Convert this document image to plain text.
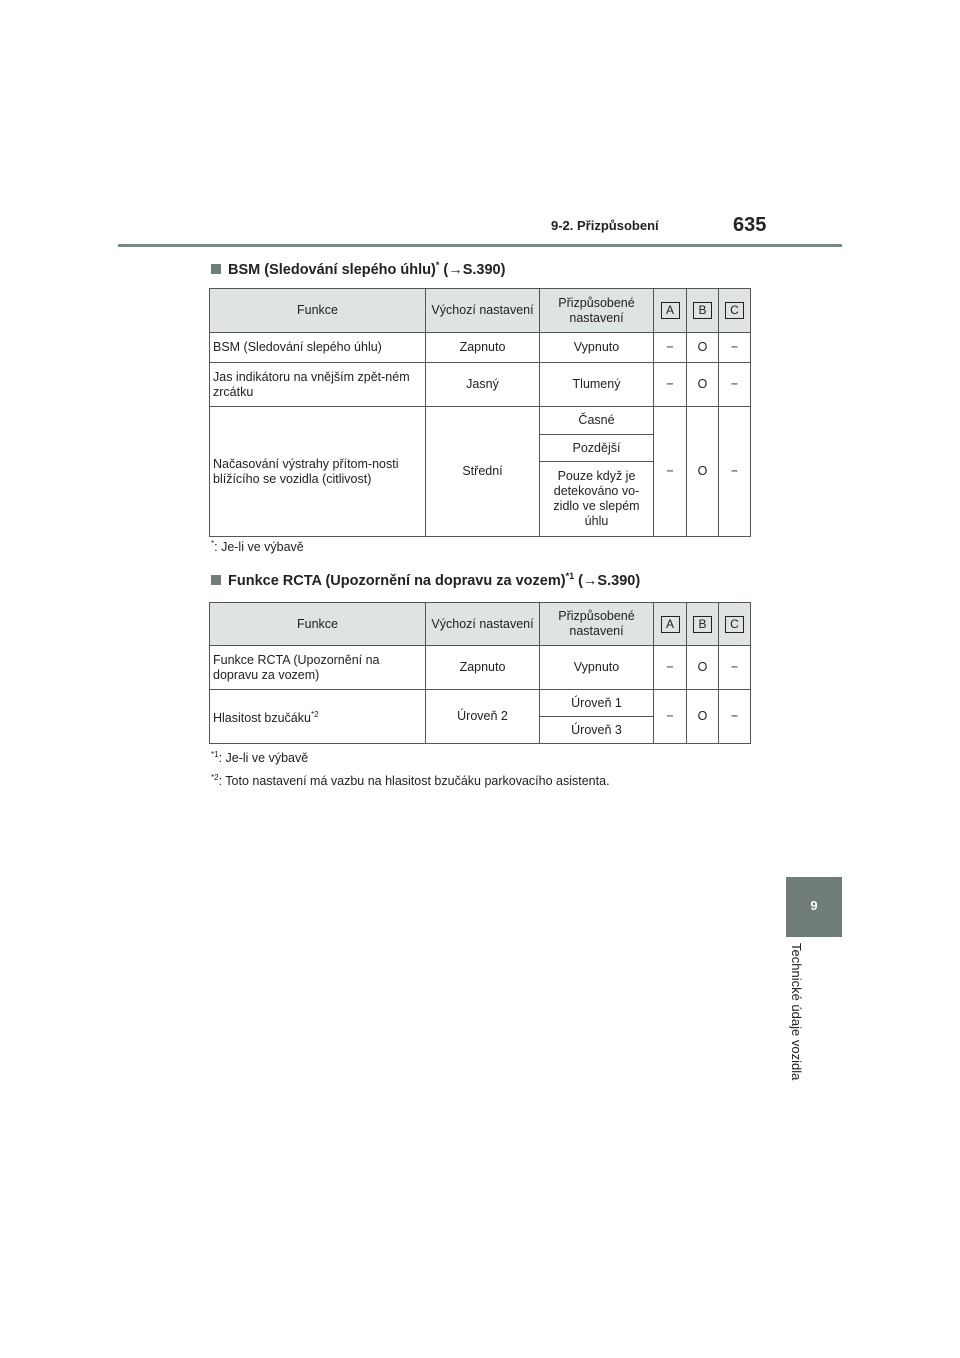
9-2. Přizpůsobení	635
9
Technické údaje vozidla
BSM (Sledování slepého úhlu)* (→S.390)
Funkce	Výchozí nastavení	Přizpůsobené nastavení	A	B	C
BSM (Sledování slepého úhlu)	Zapnuto	Vypnuto	−	O	−
Jas indikátoru na vnějším zpět-ném zrcátku	Jasný	Tlumený	−	O	−
Načasování výstrahy přítom-nosti blížícího se vozidla (citlivost)	Střední	Časné	−	O	−
		Pozdější			
		Pouze když je detekováno vo-zidlo ve slepém úhlu			
*: Je-li ve výbavě
Funkce RCTA (Upozornění na dopravu za vozem)$^{*1}$ (→S.390)
Funkce	Výchozí nastavení	Přizpůsobené nastavení	A	B	C
Funkce RCTA (Upozornění na dopravu za vozem)	Zapnuto	Vypnuto	−	O	−
Hlasitost bzučáku$^{*2}$	Úroveň 2	Úroveň 1	−	O	−
		Úroveň 3			
$^{*1}$: Je-li ve výbavě
$^{*2}$: Toto nastavení má vazbu na hlasitost bzučáku parkovacího asistenta.
